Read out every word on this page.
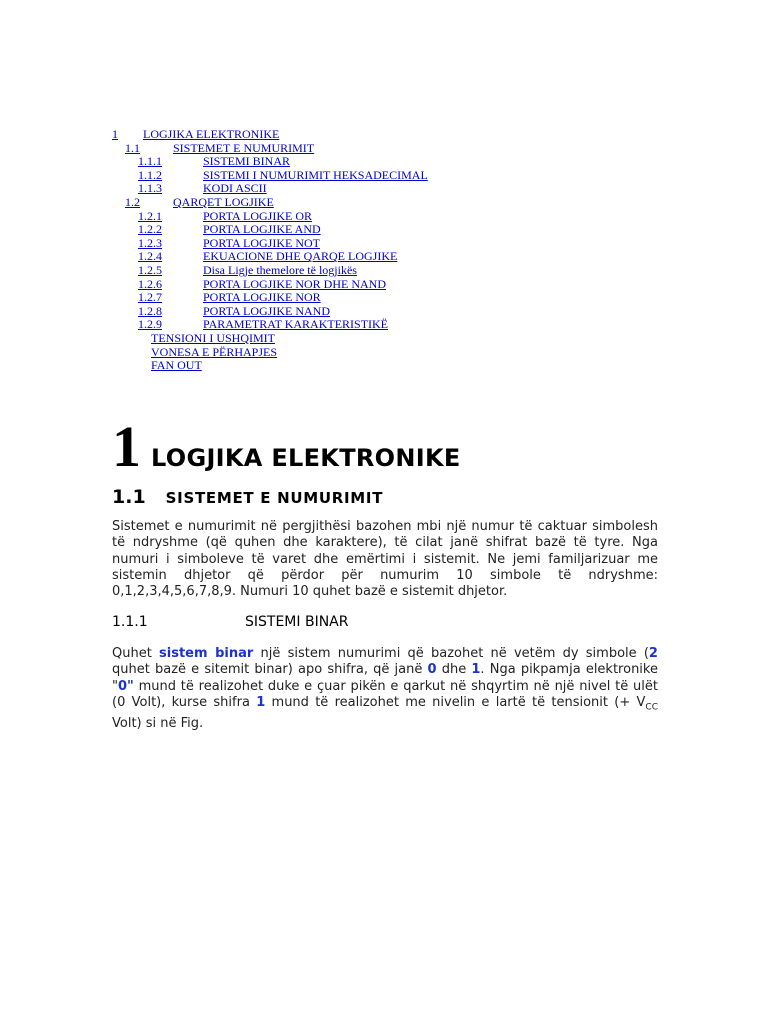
1 LOGJIKA ELEKTRONIKE
1.1	SISTEMET E NUMURIMIT
1.1.1	SISTEMI BINAR
1.1.2	SISTEMI I NUMURIMIT HEKSADECIMAL
1.1.3	KODI ASCII
1.2	QARQET LOGJIKE
1.2.1	PORTA LOGJIKE OR
1.2.2	PORTA LOGJIKE AND
1.2.3	PORTA LOGJIKE NOT
1.2.4	EKUACIONE DHE QARQE LOGJIKE
1.2.5	Disa Ligje themelore të logjikës
1.2.6	PORTA LOGJIKE NOR DHE NAND
1.2.7	PORTA LOGJIKE NOR
1.2.8	PORTA LOGJIKE NAND
1.2.9	PARAMETRAT KARAKTERISTIKË
TENSIONI I USHQIMIT
VONESA E PËRHAPJES
FAN OUT
1 LOGJIKA ELEKTRONIKE
1.1 SISTEMET E NUMURIMIT
Sistemet e numurimit në pergjithësi bazohen mbi një numur të caktuar simbolesh të ndryshme (që quhen dhe karaktere), të cilat janë shifrat bazë të tyre. Nga numuri i simboleve të varet dhe emërtimi i sistemit. Ne jemi familjarizuar me sistemin dhjetor që përdor për numurim 10 simbole të ndryshme: 0,1,2,3,4,5,6,7,8,9. Numuri 10 quhet bazë e sistemit dhjetor.
1.1.1	SISTEMI BINAR
Quhet sistem binar një sistem numurimi që bazohet në vetëm dy simbole (2 quhet bazë e sitemit binar) apo shifra, që janë 0 dhe 1. Nga pikpamja elektronike "0" mund të realizohet duke e çuar pikën e qarkut në shqyrtim në një nivel të ulët (0 Volt), kurse shifra 1 mund të realizohet me nivelin e lartë të tensionit (+ $V_{CC}$ Volt) si në Fig.
